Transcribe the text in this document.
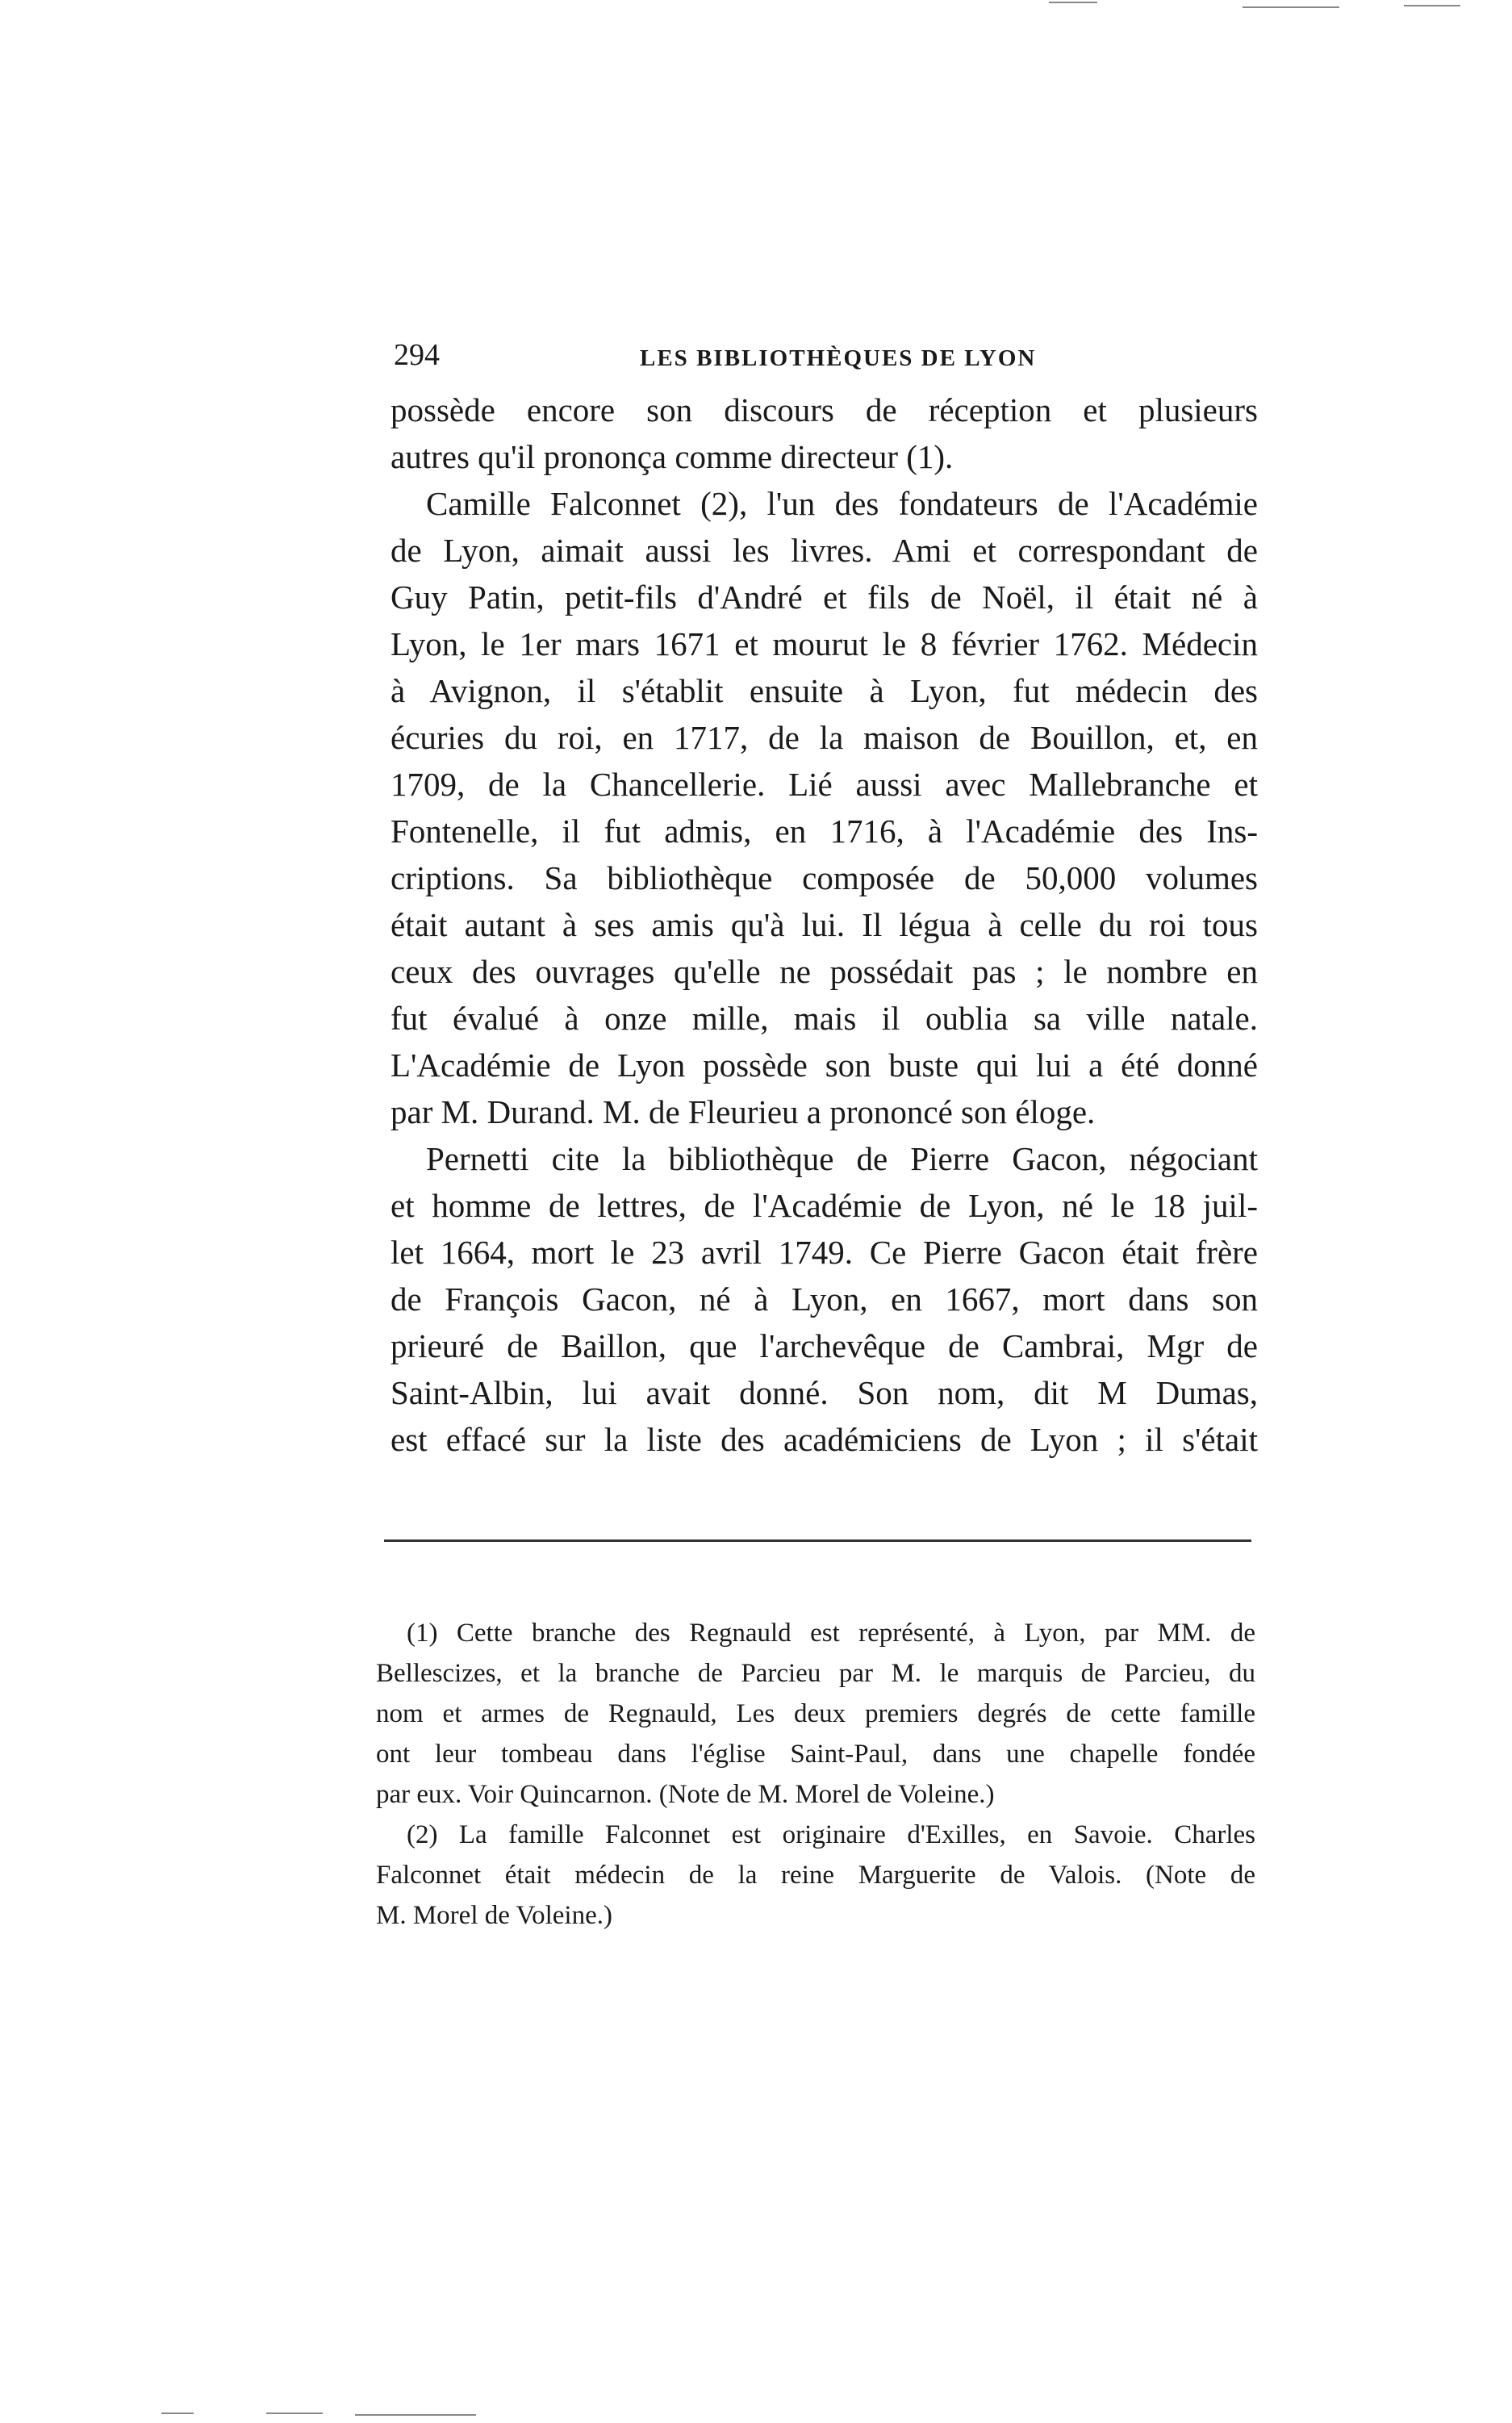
294	LES BIBLIOTHÈQUES DE LYON
possède encore son discours de réception et plusieurs
autres qu'il prononça comme directeur (1).
Camille Falconnet (2), l'un des fondateurs de l'Académie
de Lyon, aimait aussi les livres. Ami et correspondant de
Guy Patin, petit-fils d'André et fils de Noël, il était né à
Lyon, le 1er mars 1671 et mourut le 8 février 1762. Médecin
à Avignon, il s'établit ensuite à Lyon, fut médecin des
écuries du roi, en 1717, de la maison de Bouillon, et, en
1709, de la Chancellerie. Lié aussi avec Mallebranche et
Fontenelle, il fut admis, en 1716, à l'Académie des Ins-
criptions. Sa bibliothèque composée de 50,000 volumes
était autant à ses amis qu'à lui. Il légua à celle du roi tous
ceux des ouvrages qu'elle ne possédait pas ; le nombre en
fut évalué à onze mille, mais il oublia sa ville natale.
L'Académie de Lyon possède son buste qui lui a été donné
par M. Durand. M. de Fleurieu a prononcé son éloge.
Pernetti cite la bibliothèque de Pierre Gacon, négociant
et homme de lettres, de l'Académie de Lyon, né le 18 juil-
let 1664, mort le 23 avril 1749. Ce Pierre Gacon était frère
de François Gacon, né à Lyon, en 1667, mort dans son
prieuré de Baillon, que l'archevêque de Cambrai, Mgr de
Saint-Albin, lui avait donné. Son nom, dit M Dumas,
est effacé sur la liste des académiciens de Lyon ; il s'était
(1) Cette branche des Regnauld est représenté, à Lyon, par MM. de
Bellescizes, et la branche de Parcieu par M. le marquis de Parcieu, du
nom et armes de Regnauld, Les deux premiers degrés de cette famille
ont leur tombeau dans l'église Saint-Paul, dans une chapelle fondée
par eux. Voir Quincarnon. (Note de M. Morel de Voleine.)
(2) La famille Falconnet est originaire d'Exilles, en Savoie. Charles
Falconnet était médecin de la reine Marguerite de Valois. (Note de
M. Morel de Voleine.)
